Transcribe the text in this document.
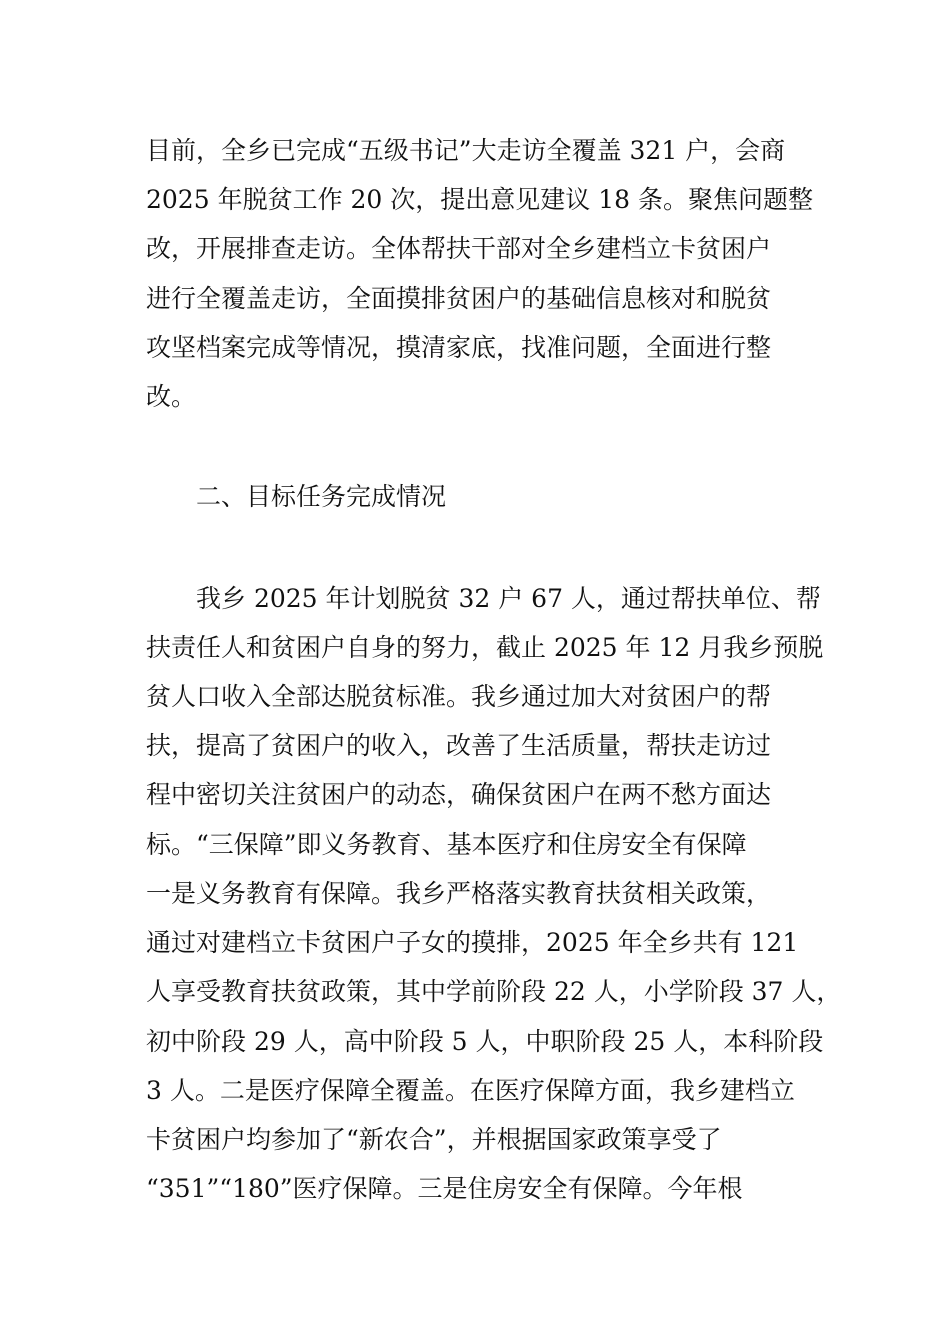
目前，全乡已完成“五级书记”大走访全覆盖 321 户，会商

2025 年脱贫工作 20 次，提出意见建议 18 条。聚焦问题整

改，开展排查走访。全体帮扶干部对全乡建档立卡贫困户

进行全覆盖走访，全面摸排贫困户的基础信息核对和脱贫

攻坚档案完成等情况，摸清家底，找准问题，全面进行整

改。

二、目标任务完成情况

我乡 2025 年计划脱贫 32 户 67 人，通过帮扶单位、帮

扶责任人和贫困户自身的努力，截止 2025 年 12 月我乡预脱

贫人口收入全部达脱贫标准。我乡通过加大对贫困户的帮

扶，提高了贫困户的收入，改善了生活质量，帮扶走访过

程中密切关注贫困户的动态，确保贫困户在两不愁方面达

标。“三保障”即义务教育、基本医疗和住房安全有保障

一是义务教育有保障。我乡严格落实教育扶贫相关政策，

通过对建档立卡贫困户子女的摸排，2025 年全乡共有 121

人享受教育扶贫政策，其中学前阶段 22 人，小学阶段 37 人，

初中阶段 29 人，高中阶段 5 人，中职阶段 25 人，本科阶段

3 人。二是医疗保障全覆盖。在医疗保障方面，我乡建档立

卡贫困户均参加了“新农合”，并根据国家政策享受了

“351”“180”医疗保障。三是住房安全有保障。今年根
